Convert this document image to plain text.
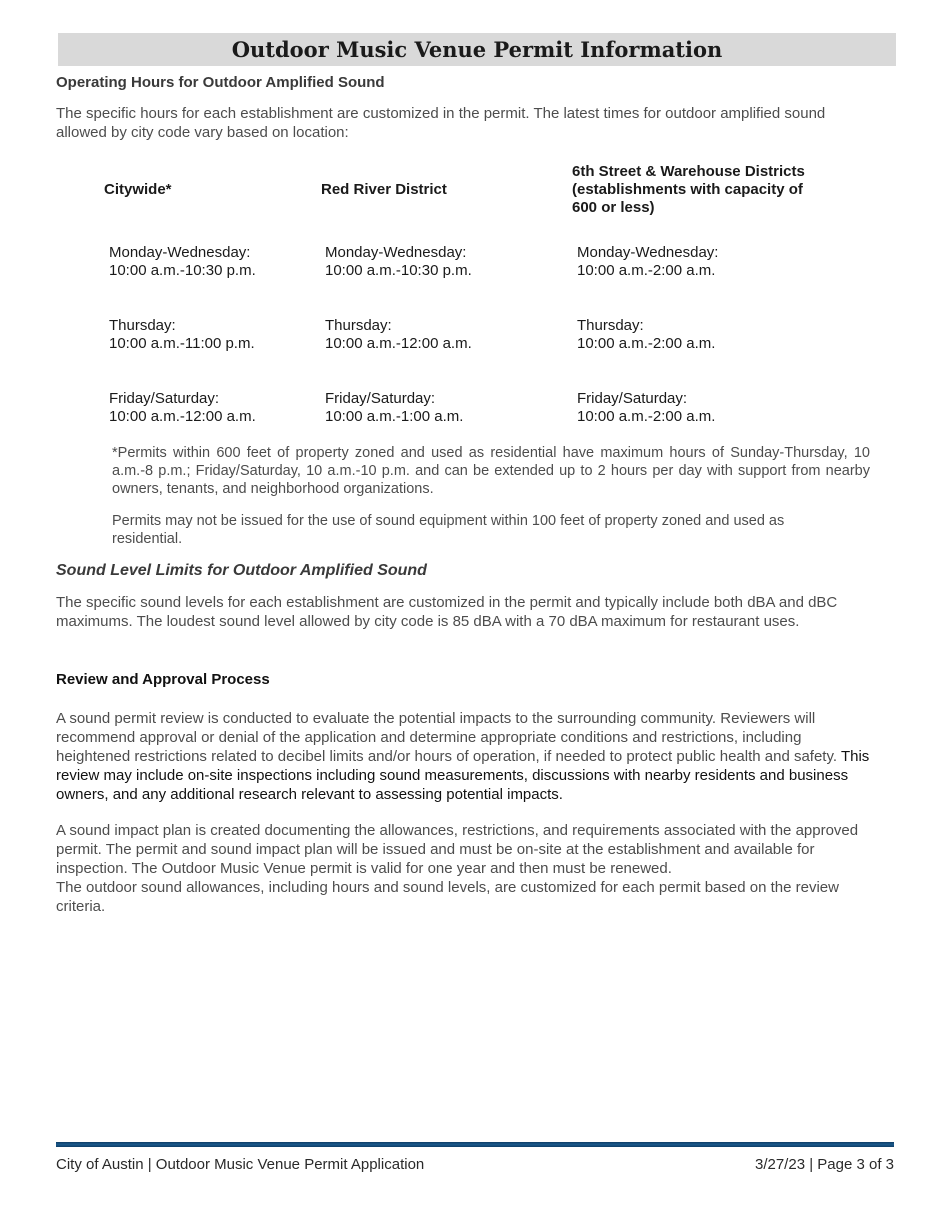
Outdoor Music Venue Permit Information
Operating Hours for Outdoor Amplified Sound

The specific hours for each establishment are customized in the permit. The latest times for outdoor amplified sound allowed by city code vary based on location:

Citywide*	Red River District
6th Street & Warehouse Districts
(establishments with capacity of
600 or less)
Monday-Wednesday:
10:00 a.m.-10:30 p.m.
Thursday:
10:00 a.m.-11:00 p.m.
Friday/Saturday:
10:00 a.m.-12:00 a.m.
Monday-Wednesday:
10:00 a.m.-10:30 p.m.
Thursday:
10:00 a.m.-12:00 a.m.
Friday/Saturday:
10:00 a.m.-1:00 a.m.
Monday-Wednesday:
10:00 a.m.-2:00 a.m.
Thursday:
10:00 a.m.-2:00 a.m.
Friday/Saturday:
10:00 a.m.-2:00 a.m.

*Permits within 600 feet of property zoned and used as residential have maximum hours of Sunday-Thursday, 10 a.m.-8 p.m.; Friday/Saturday, 10 a.m.-10 p.m. and can be extended up to 2 hours per day with support from nearby owners, tenants, and neighborhood organizations.

Permits may not be issued for the use of sound equipment within 100 feet of property zoned and used as residential.

Sound Level Limits for Outdoor Amplified Sound

The specific sound levels for each establishment are customized in the permit and typically include both dBA and dBC maximums. The loudest sound level allowed by city code is 85 dBA with a 70 dBA maximum for restaurant uses.

Review and Approval Process

A sound permit review is conducted to evaluate the potential impacts to the surrounding community. Reviewers will recommend approval or denial of the application and determine appropriate conditions and restrictions, including heightened restrictions related to decibel limits and/or hours of operation, if needed to protect public health and safety. This review may include on-site inspections including sound measurements, discussions with nearby residents and business owners, and any additional research relevant to assessing potential impacts.

A sound impact plan is created documenting the allowances, restrictions, and requirements associated with the approved permit. The permit and sound impact plan will be issued and must be on-site at the establishment and available for inspection. The Outdoor Music Venue permit is valid for one year and then must be renewed.

The outdoor sound allowances, including hours and sound levels, are customized for each permit based on the review criteria.

City of Austin | Outdoor Music Venue Permit Application	3/27/23 | Page 3 of 3
